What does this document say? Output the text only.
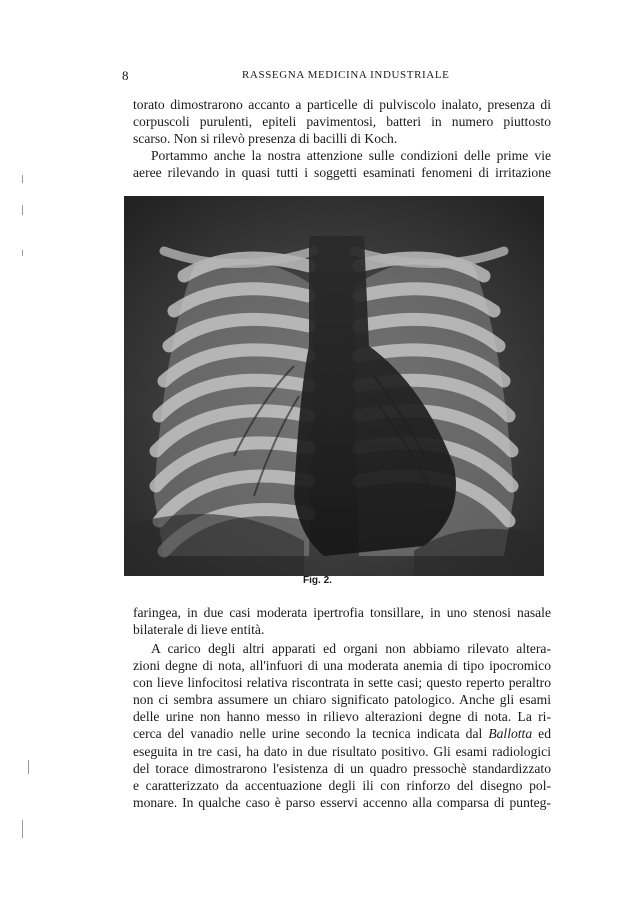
8	RASSEGNA MEDICINA INDUSTRIALE
torato dimostrarono accanto a particelle di pulviscolo inalato, presenza di
corpuscoli purulenti, epiteli pavimentosi, batteri in numero piuttosto
scarso. Non si rilevò presenza di bacilli di Koch.
Portammo anche la nostra attenzione sulle condizioni delle prime vie
aeree rilevando in quasi tutti i soggetti esaminati fenomeni di irritazione
Fig. 2.
faringea, in due casi moderata ipertrofia tonsillare, in uno stenosi nasale
bilaterale di lieve entità.
A carico degli altri apparati ed organi non abbiamo rilevato altera-
zioni degne di nota, all'infuori di una moderata anemia di tipo ipocromico
con lieve linfocitosi relativa riscontrata in sette casi; questo reperto peraltro
non ci sembra assumere un chiaro significato patologico. Anche gli esami
delle urine non hanno messo in rilievo alterazioni degne di nota. La ri-
cerca del vanadio nelle urine secondo la tecnica indicata dal Ballotta ed
eseguita in tre casi, ha dato in due risultato positivo. Gli esami radiologici
del torace dimostrarono l'esistenza di un quadro pressochè standardizzato
e caratterizzato da accentuazione degli ili con rinforzo del disegno pol-
monare. In qualche caso è parso esservi accenno alla comparsa di punteg-
